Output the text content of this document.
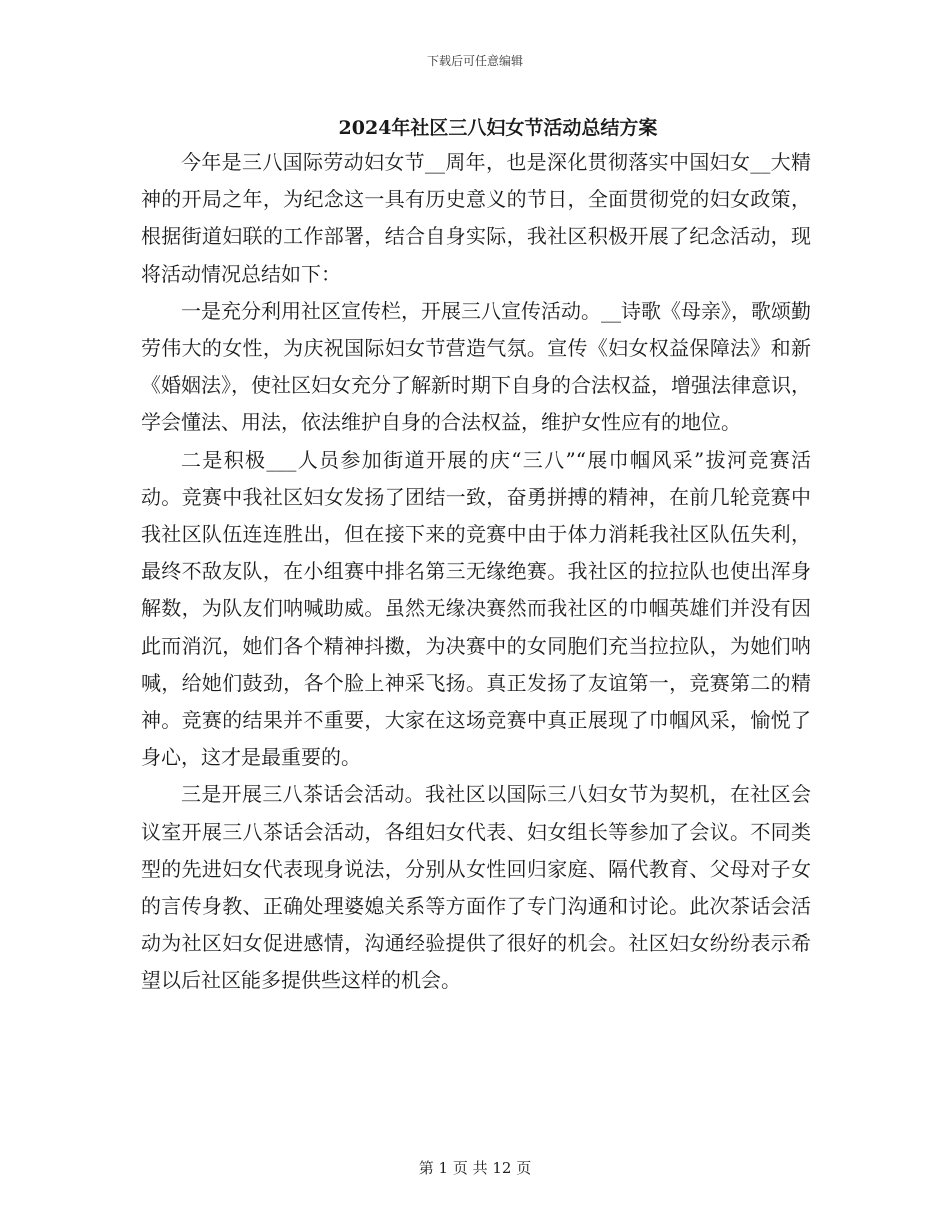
下载后可任意编辑
2024年社区三八妇女节活动总结方案

今年是三八国际劳动妇女节__周年，也是深化贯彻落实中国妇女__大精神的开局之年，为纪念这一具有历史意义的节日，全面贯彻党的妇女政策，根据街道妇联的工作部署，结合自身实际，我社区积极开展了纪念活动，现将活动情况总结如下：

一是充分利用社区宣传栏，开展三八宣传活动。__诗歌《母亲》，歌颂勤劳伟大的女性，为庆祝国际妇女节营造气氛。宣传《妇女权益保障法》和新《婚姻法》，使社区妇女充分了解新时期下自身的合法权益，增强法律意识，学会懂法、用法，依法维护自身的合法权益，维护女性应有的地位。

二是积极___人员参加街道开展的庆“三八”“展巾帼风采”拔河竞赛活动。竞赛中我社区妇女发扬了团结一致，奋勇拼搏的精神，在前几轮竞赛中我社区队伍连连胜出，但在接下来的竞赛中由于体力消耗我社区队伍失利，最终不敌友队，在小组赛中排名第三无缘绝赛。我社区的拉拉队也使出浑身解数，为队友们呐喊助威。虽然无缘决赛然而我社区的巾帼英雄们并没有因此而消沉，她们各个精神抖擞，为决赛中的女同胞们充当拉拉队，为她们呐喊，给她们鼓劲，各个脸上神采飞扬。真正发扬了友谊第一，竞赛第二的精神。竞赛的结果并不重要，大家在这场竞赛中真正展现了巾帼风采，愉悦了身心，这才是最重要的。

三是开展三八茶话会活动。我社区以国际三八妇女节为契机，在社区会议室开展三八茶话会活动，各组妇女代表、妇女组长等参加了会议。不同类型的先进妇女代表现身说法，分别从女性回归家庭、隔代教育、父母对子女的言传身教、正确处理婆媳关系等方面作了专门沟通和讨论。此次茶话会活动为社区妇女促进感情，沟通经验提供了很好的机会。社区妇女纷纷表示希望以后社区能多提供些这样的机会。

第 1 页 共 12 页
